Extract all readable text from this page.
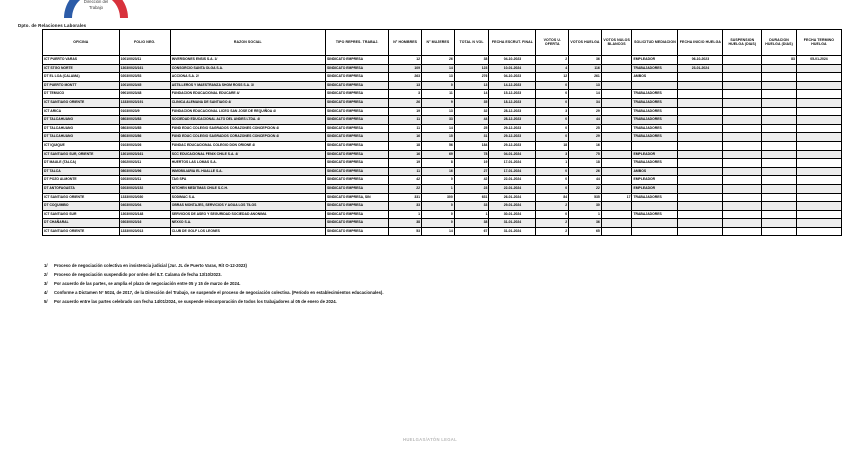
Dirección del
Trabajo
Dpto. de Relaciones Laborales
OFICINA	FOLIO NEG.	RAZON SOCIAL	TIPO REPRES. TRABAJ.	N° HOMBRES	N° MUJERES	TOTAL N VOL	FECHA ESCRUT. FINAL	VOTOS U. OFERTA	VOTOS HUELGA	VOTOS NULOS BLANCOS	SOLICITUD MEDIACION	FECHA INICIO HUELGA	SUSPENSION HUELGA (DIAS)	DURACION HUELGA (DIAS)	FECHA TERMINO HUELGA
ICT PUERTO VARAS	1001/0023/11	INVERSIONES ENSIS S.A. 1/	SINDICATO EMPRESA	12	26	38	04-10-2023	2	36		EMPLEADOR	06-10-2023		83	05-01-2024
ICT STGO NORTE	1303/0023/161	CONSORCIO SANTA OLGA S.A.	SINDICATO EMPRESA	109	14	123	10-01-2024	4	116		TRABAJADORES	23-01-2024			
DT EL LOA (CALAMA)	0203/0023/53	ACCIONA S.A. 2/	SINDICATO EMPRESA	263	13	276	04-10-2023	12	261		AMBOS				
DT PUERTO MONTT	1001/0023/45	ASTILLEROS Y MAESTRANZA SHOM ROSS S.A. 3/	SINDICATO EMPRESA	13	0	13	14-12-2023	0	13						
DT TEMUCO	0901/0023/48	FUNDACION EDUCACIONAL EDUCARE 4/	SINDICATO EMPRESA	3	11	14	15-12-2023	0	14		TRABAJADORES				
ICT SANTIAGO ORIENTE	1333/0023/191	CLINICA ALEMANA DE SANTIAGO 4/	SINDICATO EMPRESA	26	9	35	18-12-2023	0	34		TRABAJADORES				
ICT ARICA	0103/0023/9	FUNDACION EDUCACIONAL LICEO SAN JOSE DE REQUIÑOA 4/	SINDICATO EMPRESA	19	13	32	28-12-2023	3	29		TRABAJADORES				
DT TALCAHUANO	0803/0023/83	SOCIEDAD EDUCACIONAL ALTO DEL ANDES LTDA. 4/	SINDICATO EMPRESA	11	33	44	28-12-2023	0	44		TRABAJADORES				
DT TALCAHUANO	0803/0023/85	FUND EDUC COLEGIO SAGRADOS CORAZONES CONCEPCION 4/	SINDICATO EMPRESA	11	14	25	29-12-2023	0	25		TRABAJADORES				
DT TALCAHUANO	0803/0023/86	FUND EDUC COLEGIO SAGRADOS CORAZONES CONCEPCION 4/	SINDICATO EMPRESA	16	15	31	29-12-2023	0	29		TRABAJADORES				
ICT IQUIQUE	0103/0023/26	FUNDAC EDUCACIONAL COLEGIO DON ORIONE 4/	SINDICATO EMPRESA	18	56	184	29-12-2023	18	16						
ICT SANTIAGO SUR, ORIENTE	1301/0023/161	SCC EDUCACIONAL FENIX CHILE S.A. 4/	SINDICATO EMPRESA	16	69	78	04-01-2024	3	75		EMPLEADOR				
DT MAULE (TALCA)	0302/0023/11	HUERTOS LAS LOMAS S.A.	SINDICATO EMPRESA	19	8	19	17-01-2024	1	18		TRABAJADORES				
DT TALCA	0803/0023/96	INMOBILIARIA EL HUALLE S.A.	SINDICATO EMPRESA	11	16	27	17-01-2024	0	26		AMBOS				
DT POZO ALMONTE	0203/0023/11	TAG SPA	SINDICATO EMPRESA	42	0	42	22-01-2024	0	44		EMPLEADOR				
DT ANTOFAGASTA	0203/0023/152	KITCHEN MEDITMAS CHILE S.C.H.	SINDICATO EMPRESA	22	1	23	22-01-2024	0	22		EMPLEADOR				
ICT SANTIAGO ORIENTE	1333/0023/030	SODIMAC S.A.	SINDICATO EMPRESA, SIN	331	300	631	26-01-2024	84	535	17	TRABAJADORES				
DT COQUIMBO	0403/0023/04	OBRAS MONTAJES, SERVICIOS Y AGUA LOS TILOS	SINDICATO EMPRESA	33	0	33	29-01-2024	2	30						
ICT SANTIAGO SUR	1303/0023/148	SERVICIOS DE ASEO Y SEGURIDAD SOCIEDAD ANONIMA	SINDICATO EMPRESA	1	0	1	30-01-2024	0	1		TRABAJADORES				
DT CHAÑARAL	0303/0023/16	NEXXO S.A.	SINDICATO EMPRESA	38	0	38	31-01-2024	2	36						
ICT SANTIAGO ORIENTE	1333/0023/013	CLUB DE GOLF LOS LEONES	SINDICATO EMPRESA	53	14	67	31-01-2024	2	65						
1/ Proceso de negociación colectiva en insistencia judicial (Jur. JL de Puerto Varas, Rit O-12-2023)
2/ Proceso de negociación suspendido por orden del ILT. Calama de fecha 13/10/2023.
3/ Por acuerdo de las partes, se amplía el plazo de negociación entre 05 y 15 de marzo de 2024.
4/ Conforme a Dictamen N° 5024, de 2017, de la Dirección del Trabajo, se suspende el proceso de negociación colectiva. (Período en establecimientos educacionales).
5/ Por acuerdo entre las partes celebrado con fecha 14/01/2024, se suspende reincorporación de todos los trabajadores al 05 de enero de 2024.
HUELGAS/ATÓN LEGAL
